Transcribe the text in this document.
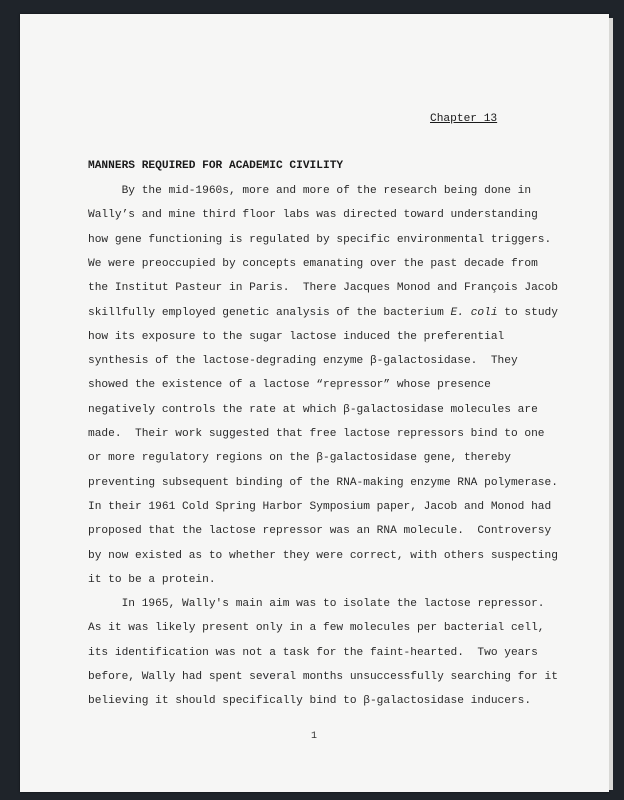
Chapter 13
MANNERS REQUIRED FOR ACADEMIC CIVILITY
By the mid-1960s, more and more of the research being done in
Wally’s and mine third floor labs was directed toward understanding
how gene functioning is regulated by specific environmental triggers.
We were preoccupied by concepts emanating over the past decade from
the Institut Pasteur in Paris.  There Jacques Monod and François Jacob
skillfully employed genetic analysis of the bacterium E. coli to study
how its exposure to the sugar lactose induced the preferential
synthesis of the lactose-degrading enzyme β-galactosidase.  They
showed the existence of a lactose “repressor” whose presence
negatively controls the rate at which β-galactosidase molecules are
made.  Their work suggested that free lactose repressors bind to one
or more regulatory regions on the β-galactosidase gene, thereby
preventing subsequent binding of the RNA-making enzyme RNA polymerase.
In their 1961 Cold Spring Harbor Symposium paper, Jacob and Monod had
proposed that the lactose repressor was an RNA molecule.  Controversy
by now existed as to whether they were correct, with others suspecting
it to be a protein.
In 1965, Wally's main aim was to isolate the lactose repressor.
As it was likely present only in a few molecules per bacterial cell,
its identification was not a task for the faint-hearted.  Two years
before, Wally had spent several months unsuccessfully searching for it
believing it should specifically bind to β-galactosidase inducers.
1
